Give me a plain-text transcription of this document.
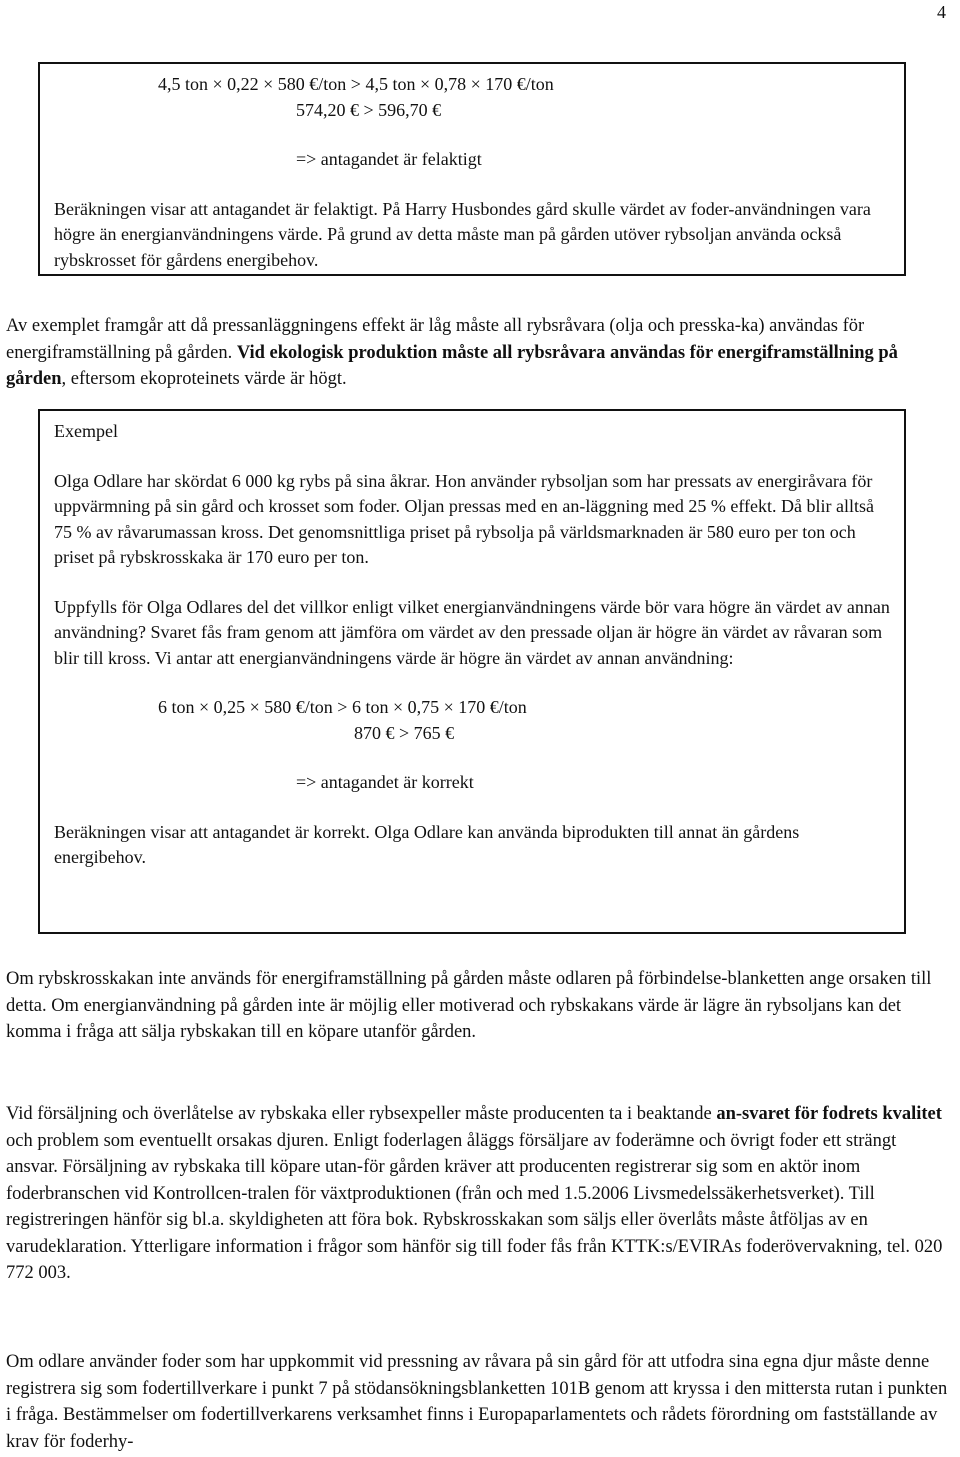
4
4,5 ton × 0,22 × 580 €/ton > 4,5 ton × 0,78 × 170 €/ton
574,20 € > 596,70 €
=> antagandet är felaktigt
Beräkningen visar att antagandet är felaktigt. På Harry Husbondes gård skulle värdet av foder-användningen vara högre än energianvändningens värde. På grund av detta måste man på gården utöver rybsoljan använda också rybskrosset för gårdens energibehov.
Av exemplet framgår att då pressanläggningens effekt är låg måste all rybsråvara (olja och presska-ka) användas för energiframställning på gården. Vid ekologisk produktion måste all rybsråvara användas för energiframställning på gården, eftersom ekoproteinets värde är högt.
Exempel
Olga Odlare har skördat 6 000 kg rybs på sina åkrar. Hon använder rybsoljan som har pressats av energiråvara för uppvärmning på sin gård och krosset som foder. Oljan pressas med en an-läggning med 25 % effekt. Då blir alltså 75 % av råvarumassan kross. Det genomsnittliga priset på rybsolja på världsmarknaden är 580 euro per ton och priset på rybskrosskaka är 170 euro per ton.
Uppfylls för Olga Odlares del det villkor enligt vilket energianvändningens värde bör vara högre än värdet av annan användning? Svaret fås fram genom att jämföra om värdet av den pressade oljan är högre än värdet av råvaran som blir till kross. Vi antar att energianvändningens värde är högre än värdet av annan användning:
6 ton × 0,25 × 580 €/ton > 6 ton × 0,75 × 170 €/ton
870 € > 765 €
=> antagandet är korrekt
Beräkningen visar att antagandet är korrekt. Olga Odlare kan använda biprodukten till annat än gårdens energibehov.
Om rybskrosskakan inte används för energiframställning på gården måste odlaren på förbindelse-blanketten ange orsaken till detta. Om energianvändning på gården inte är möjlig eller motiverad och rybskakans värde är lägre än rybsoljans kan det komma i fråga att sälja rybskakan till en köpare utanför gården.
Vid försäljning och överlåtelse av rybskaka eller rybsexpeller måste producenten ta i beaktande an-svaret för fodrets kvalitet och problem som eventuellt orsakas djuren. Enligt foderlagen åläggs försäljare av foderämne och övrigt foder ett strängt ansvar. Försäljning av rybskaka till köpare utan-för gården kräver att producenten registrerar sig som en aktör inom foderbranschen vid Kontrollcen-tralen för växtproduktionen (från och med 1.5.2006 Livsmedelssäkerhetsverket). Till registreringen hänför sig bl.a. skyldigheten att föra bok. Rybskrosskakan som säljs eller överlåts måste åtföljas av en varudeklaration. Ytterligare information i frågor som hänför sig till foder fås från KTTK:s/EVIRAs foderövervakning, tel. 020 772 003.
Om odlare använder foder som har uppkommit vid pressning av råvara på sin gård för att utfodra sina egna djur måste denne registrera sig som fodertillverkare i punkt 7 på stödansökningsblanketten 101B genom att kryssa i den mittersta rutan i punkten i fråga. Bestämmelser om fodertillverkarens verksamhet finns i Europaparlamentets och rådets förordning om fastställande av krav för foderhy-
